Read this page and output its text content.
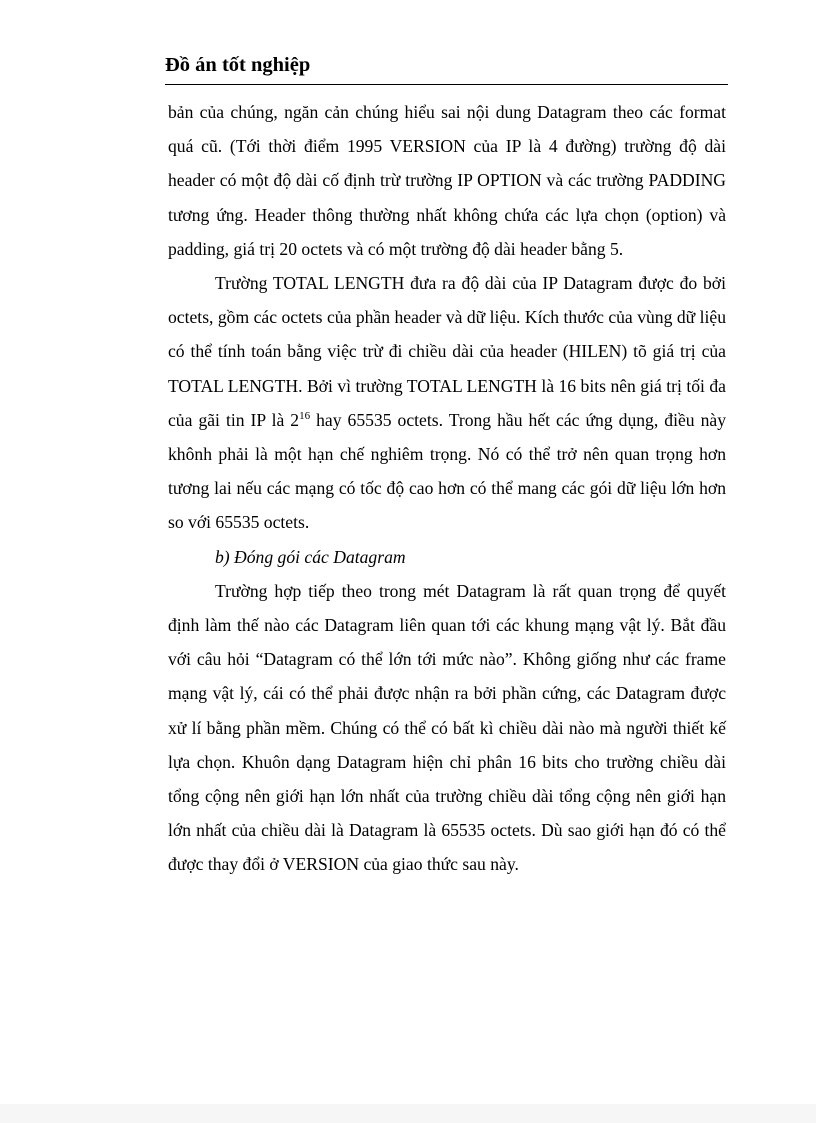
Đồ án tốt nghiệp

bản của chúng, ngăn cản chúng hiểu sai nội dung Datagram theo các format quá cũ. (Tới thời điểm 1995 VERSION của IP là 4 đường) trường độ dài header có một độ dài cố định trừ trường IP OPTION và các trường PADDING tương ứng. Header thông thường nhất không chứa các lựa chọn (option) và padding, giá trị 20 octets và có một trường độ dài header bằng 5.

Trường TOTAL LENGTH đưa ra độ dài của IP Datagram được đo bởi octets, gồm các octets của phần header và dữ liệu. Kích thước của vùng dữ liệu có thể tính toán bằng việc trừ đi chiều dài của header (HILEN) tõ giá trị của TOTAL LENGTH. Bởi vì trường TOTAL LENGTH là 16 bits nên giá trị tối đa của gãi tin IP là $2^{16}$ hay 65535 octets. Trong hầu hết các ứng dụng, điều này khônh phải là một hạn chế nghiêm trọng. Nó có thể trở nên quan trọng hơn tương lai nếu các mạng có tốc độ cao hơn có thể mang các gói dữ liệu lớn hơn so với 65535 octets.

b) Đóng gói các Datagram

Trường hợp tiếp theo trong mét Datagram là rất quan trọng để quyết định làm thế nào các Datagram liên quan tới các khung mạng vật lý. Bắt đầu với câu hỏi “Datagram có thể lớn tới mức nào”. Không giống như các frame mạng vật lý, cái có thể phải được nhận ra bởi phần cứng, các Datagram được xử lí bằng phần mềm. Chúng có thể có bất kì chiều dài nào mà người thiết kế lựa chọn. Khuôn dạng Datagram hiện chỉ phân 16 bits cho trường chiều dài tổng cộng nên giới hạn lớn nhất của trường chiều dài tổng cộng nên giới hạn lớn nhất của chiều dài là Datagram là 65535 octets. Dù sao giới hạn đó có thể được thay đổi ở VERSION của giao thức sau này.
